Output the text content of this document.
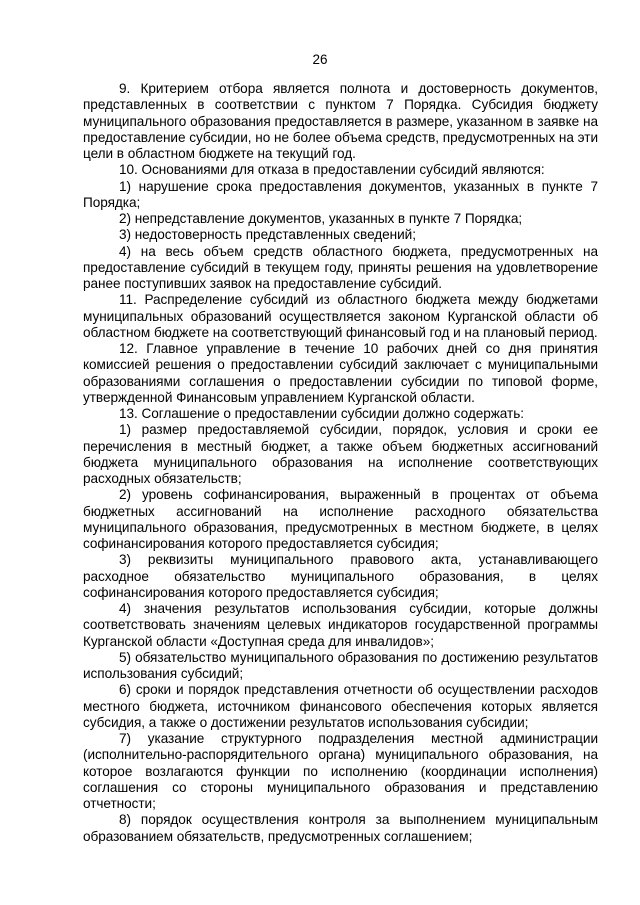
26

9. Критерием отбора является полнота и достоверность документов, представленных в соответствии с пунктом 7 Порядка. Субсидия бюджету муниципального образования предоставляется в размере, указанном в заявке на предоставление субсидии, но не более объема средств, предусмотренных на эти цели в областном бюджете на текущий год.

10. Основаниями для отказа в предоставлении субсидий являются:

1) нарушение срока предоставления документов, указанных в пункте 7 Порядка;

2) непредставление документов, указанных в пункте 7 Порядка;

3) недостоверность представленных сведений;

4) на весь объем средств областного бюджета, предусмотренных на предоставление субсидий в текущем году, приняты решения на удовлетворение ранее поступивших заявок на предоставление субсидий.

11. Распределение субсидий из областного бюджета между бюджетами муниципальных образований осуществляется законом Курганской области об областном бюджете на соответствующий финансовый год и на плановый период.

12. Главное управление в течение 10 рабочих дней со дня принятия комиссией решения о предоставлении субсидий заключает с муниципальными образованиями соглашения о предоставлении субсидии по типовой форме, утвержденной Финансовым управлением Курганской области.

13. Соглашение о предоставлении субсидии должно содержать:

1) размер предоставляемой субсидии, порядок, условия и сроки ее перечисления в местный бюджет, а также объем бюджетных ассигнований бюджета муниципального образования на исполнение соответствующих расходных обязательств;

2) уровень софинансирования, выраженный в процентах от объема бюджетных ассигнований на исполнение расходного обязательства муниципального образования, предусмотренных в местном бюджете, в целях софинансирования которого предоставляется субсидия;

3) реквизиты муниципального правового акта, устанавливающего расходное обязательство муниципального образования, в целях софинансирования которого предоставляется субсидия;

4) значения результатов использования субсидии, которые должны соответствовать значениям целевых индикаторов государственной программы Курганской области «Доступная среда для инвалидов»;

5) обязательство муниципального образования по достижению результатов использования субсидий;

6) сроки и порядок представления отчетности об осуществлении расходов местного бюджета, источником финансового обеспечения которых является субсидия, а также о достижении результатов использования субсидии;

7) указание структурного подразделения местной администрации (исполнительно-распорядительного органа) муниципального образования, на которое возлагаются функции по исполнению (координации исполнения) соглашения со стороны муниципального образования и представлению отчетности;

8) порядок осуществления контроля за выполнением муниципальным образованием обязательств, предусмотренных соглашением;
